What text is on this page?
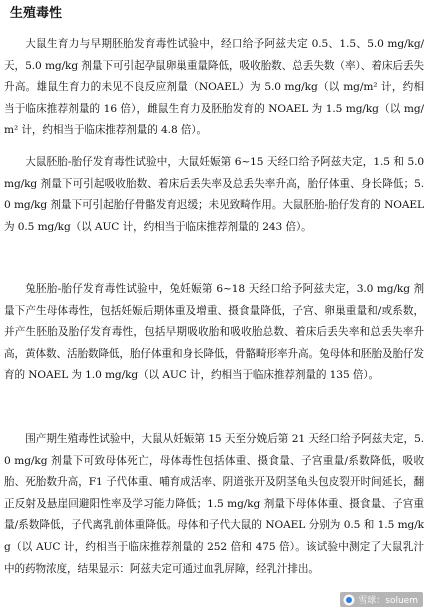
生殖毒性

大鼠生育力与早期胚胎发育毒性试验中，经口给予阿兹夫定 0.5、1.5、5.0 mg/kg/天，5.0 mg/kg 剂量下可引起孕鼠卵巢重量降低，吸收胎数、总丢失数（率）、着床后丢失升高。雄鼠生育力的未见不良反应剂量（NOAEL）为 5.0 mg/kg（以 mg/m² 计，约相当于临床推荐剂量的 16 倍），雌鼠生育力及胚胎发育的 NOAEL 为 1.5 mg/kg（以 mg/m² 计，约相当于临床推荐剂量的 4.8 倍）。

大鼠胚胎-胎仔发育毒性试验中，大鼠妊娠第 6~15 天经口给予阿兹夫定，1.5 和 5.0 mg/kg 剂量下可引起吸收胎数、着床后丢失率及总丢失率升高，胎仔体重、身长降低；5.0 mg/kg 剂量下可引起胎仔骨骼发育迟缓；未见致畸作用。大鼠胚胎-胎仔发育的 NOAEL 为 0.5 mg/kg（以 AUC 计，约相当于临床推荐剂量的 243 倍）。

兔胚胎-胎仔发育毒性试验中，兔妊娠第 6~18 天经口给予阿兹夫定，3.0 mg/kg 剂量下产生母体毒性，包括妊娠后期体重及增重、摄食量降低，子宫、卵巢重量和/或系数，并产生胚胎及胎仔发育毒性，包括早期吸收胎和吸收胎总数、着床后丢失率和总丢失率升高，黄体数、活胎数降低，胎仔体重和身长降低，骨骼畸形率升高。兔母体和胚胎及胎仔发育的 NOAEL 为 1.0 mg/kg（以 AUC 计，约相当于临床推荐剂量的 135 倍）。

围产期生殖毒性试验中，大鼠从妊娠第 15 天至分娩后第 21 天经口给予阿兹夫定，5.0 mg/kg 剂量下可致母体死亡，母体毒性包括体重、摄食量、子宫重量/系数降低，吸收胎、死胎数升高，F1 子代体重、哺育成活率、阴道张开及阴茎龟头包皮裂开时间延长，翻正反射及悬崖回避阳性率及学习能力降低；1.5 mg/kg 剂量下母体体重、摄食量、子宫重量/系数降低，子代离乳前体重降低。母体和子代大鼠的 NOAEL 分别为 0.5 和 1.5 mg/kg（以 AUC 计，约相当于临床推荐剂量的 252 倍和 475 倍）。该试验中测定了大鼠乳汁中的药物浓度，结果显示：阿兹夫定可通过血乳屏障，经乳汁排出。

雪球：soluem
